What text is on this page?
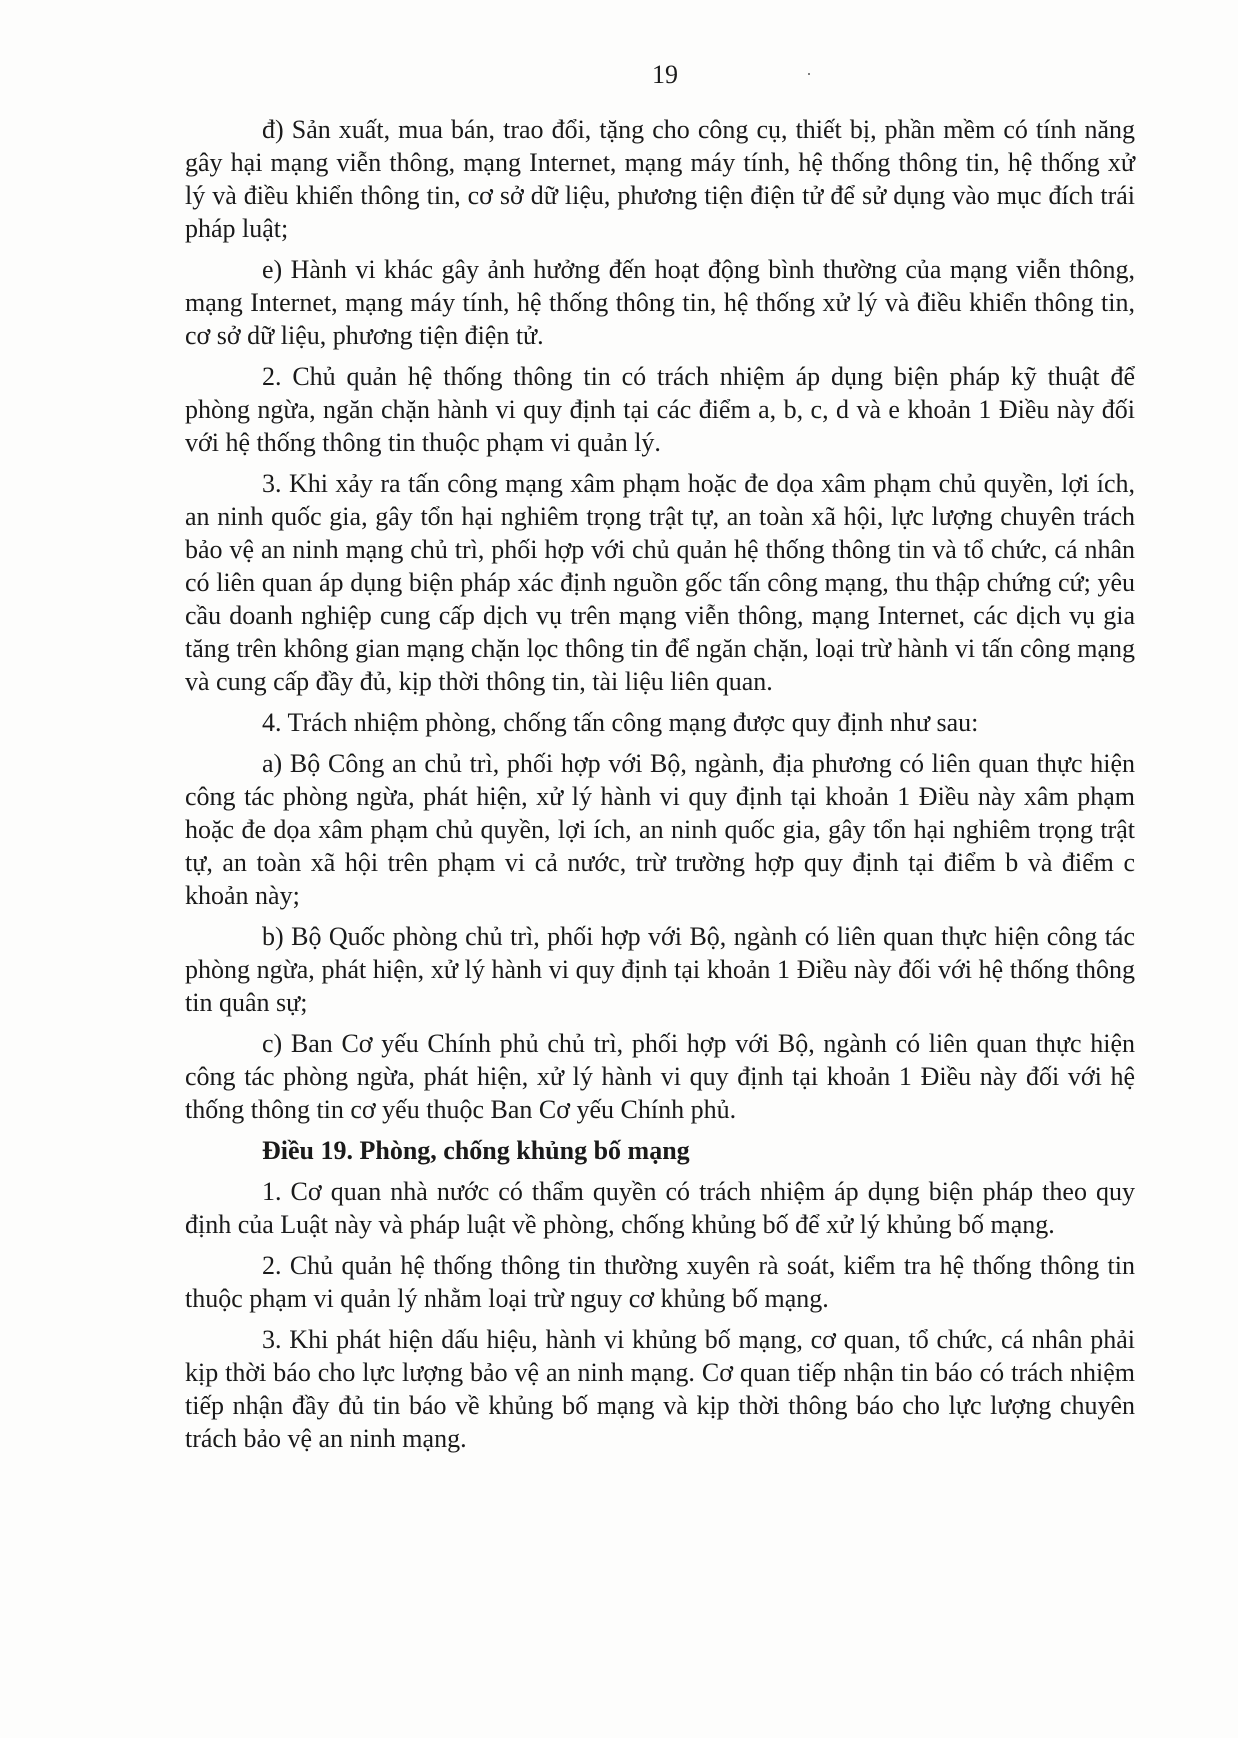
19

đ) Sản xuất, mua bán, trao đổi, tặng cho công cụ, thiết bị, phần mềm có tính năng gây hại mạng viễn thông, mạng Internet, mạng máy tính, hệ thống thông tin, hệ thống xử lý và điều khiển thông tin, cơ sở dữ liệu, phương tiện điện tử để sử dụng vào mục đích trái pháp luật;

e) Hành vi khác gây ảnh hưởng đến hoạt động bình thường của mạng viễn thông, mạng Internet, mạng máy tính, hệ thống thông tin, hệ thống xử lý và điều khiển thông tin, cơ sở dữ liệu, phương tiện điện tử.

2. Chủ quản hệ thống thông tin có trách nhiệm áp dụng biện pháp kỹ thuật để phòng ngừa, ngăn chặn hành vi quy định tại các điểm a, b, c, d và e khoản 1 Điều này đối với hệ thống thông tin thuộc phạm vi quản lý.

3. Khi xảy ra tấn công mạng xâm phạm hoặc đe dọa xâm phạm chủ quyền, lợi ích, an ninh quốc gia, gây tổn hại nghiêm trọng trật tự, an toàn xã hội, lực lượng chuyên trách bảo vệ an ninh mạng chủ trì, phối hợp với chủ quản hệ thống thông tin và tổ chức, cá nhân có liên quan áp dụng biện pháp xác định nguồn gốc tấn công mạng, thu thập chứng cứ; yêu cầu doanh nghiệp cung cấp dịch vụ trên mạng viễn thông, mạng Internet, các dịch vụ gia tăng trên không gian mạng chặn lọc thông tin để ngăn chặn, loại trừ hành vi tấn công mạng và cung cấp đầy đủ, kịp thời thông tin, tài liệu liên quan.

4. Trách nhiệm phòng, chống tấn công mạng được quy định như sau:

a) Bộ Công an chủ trì, phối hợp với Bộ, ngành, địa phương có liên quan thực hiện công tác phòng ngừa, phát hiện, xử lý hành vi quy định tại khoản 1 Điều này xâm phạm hoặc đe dọa xâm phạm chủ quyền, lợi ích, an ninh quốc gia, gây tổn hại nghiêm trọng trật tự, an toàn xã hội trên phạm vi cả nước, trừ trường hợp quy định tại điểm b và điểm c khoản này;

b) Bộ Quốc phòng chủ trì, phối hợp với Bộ, ngành có liên quan thực hiện công tác phòng ngừa, phát hiện, xử lý hành vi quy định tại khoản 1 Điều này đối với hệ thống thông tin quân sự;

c) Ban Cơ yếu Chính phủ chủ trì, phối hợp với Bộ, ngành có liên quan thực hiện công tác phòng ngừa, phát hiện, xử lý hành vi quy định tại khoản 1 Điều này đối với hệ thống thông tin cơ yếu thuộc Ban Cơ yếu Chính phủ.

Điều 19. Phòng, chống khủng bố mạng

1. Cơ quan nhà nước có thẩm quyền có trách nhiệm áp dụng biện pháp theo quy định của Luật này và pháp luật về phòng, chống khủng bố để xử lý khủng bố mạng.

2. Chủ quản hệ thống thông tin thường xuyên rà soát, kiểm tra hệ thống thông tin thuộc phạm vi quản lý nhằm loại trừ nguy cơ khủng bố mạng.

3. Khi phát hiện dấu hiệu, hành vi khủng bố mạng, cơ quan, tổ chức, cá nhân phải kịp thời báo cho lực lượng bảo vệ an ninh mạng. Cơ quan tiếp nhận tin báo có trách nhiệm tiếp nhận đầy đủ tin báo về khủng bố mạng và kịp thời thông báo cho lực lượng chuyên trách bảo vệ an ninh mạng.
